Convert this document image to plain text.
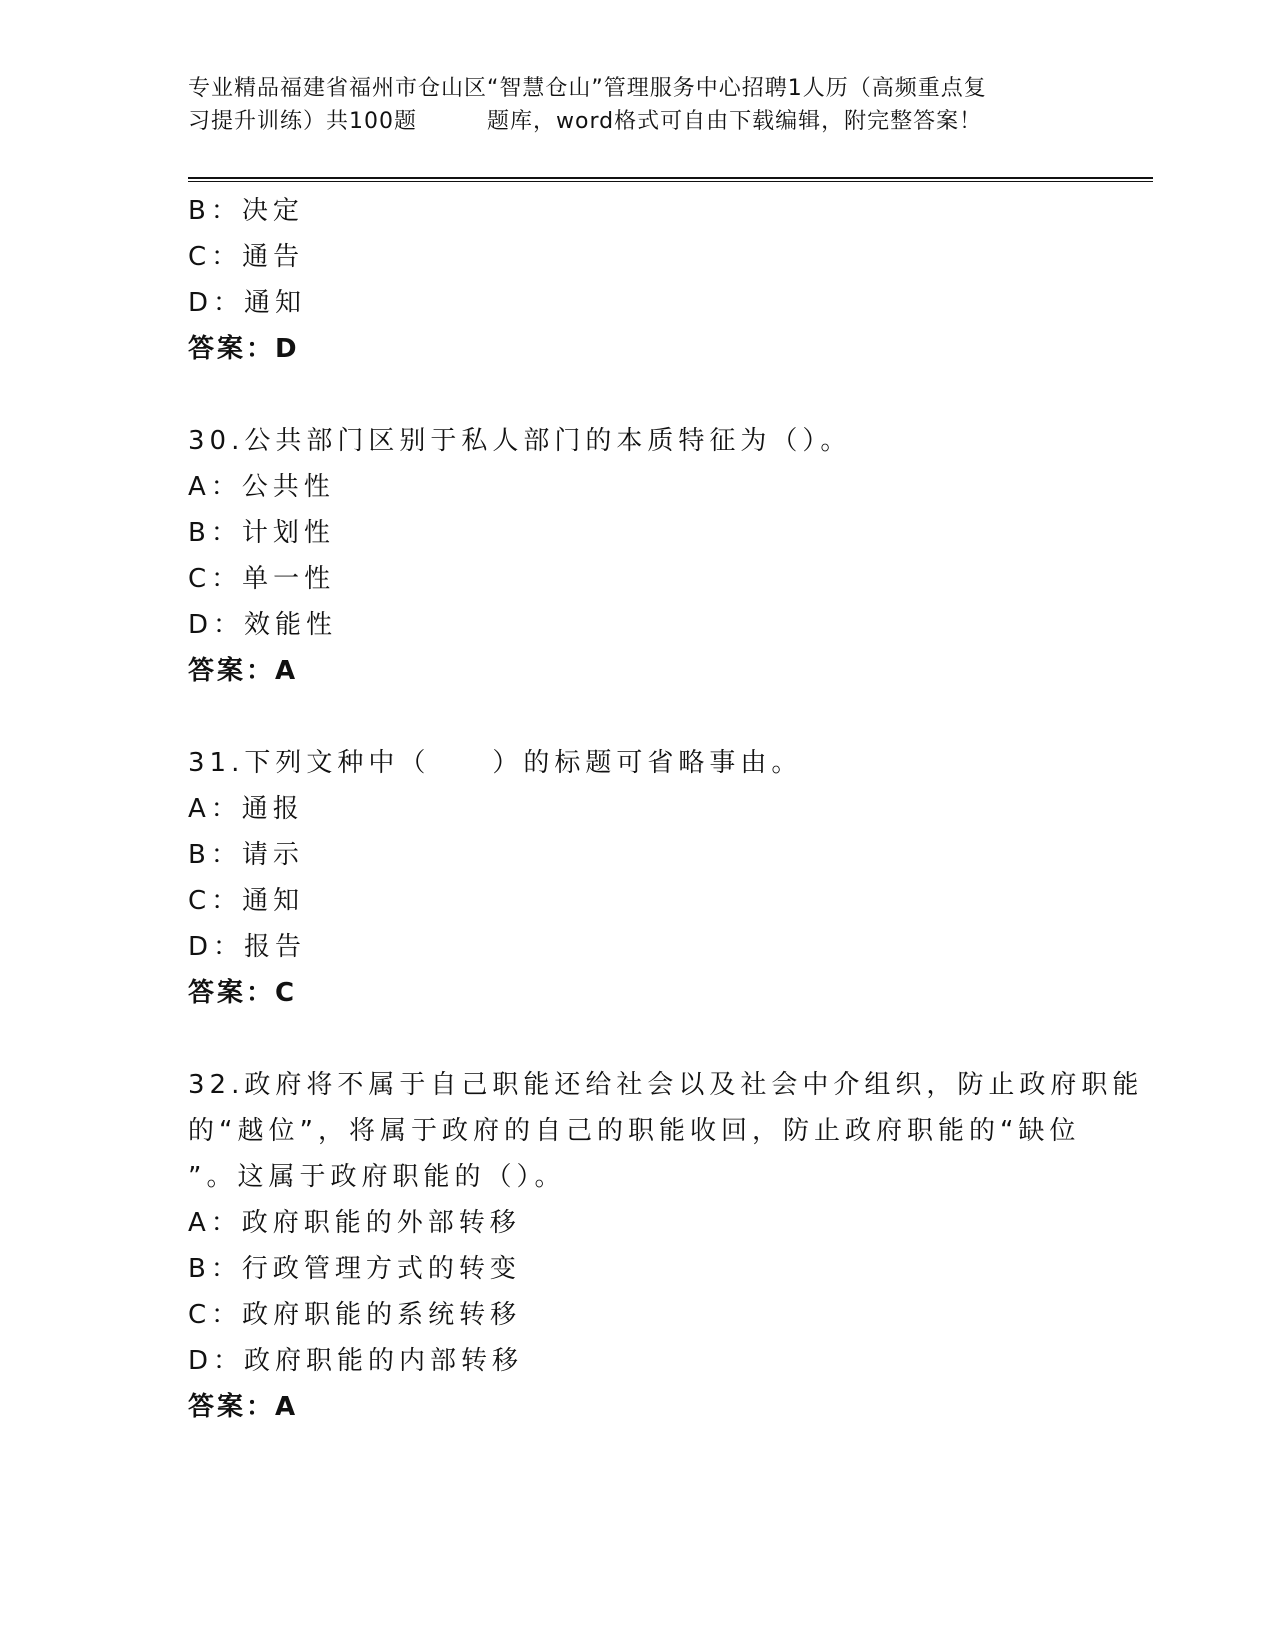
专业精品福建省福州市仓山区“智慧仓山”管理服务中心招聘1人历（高频重点复
习提升训练）共100题	题库，word格式可自由下载编辑，附完整答案！
B：决定
C：通告
D：通知
答案：D
30 . 公共部门区别于私人部门的本质特征为（）。
A：公共性
B：计划性
C：单一性
D：效能性
答案：A
31 . 下列文种中（　　）的标题可省略事由。
A：通报
B：请示
C：通知
D：报告
答案：C
32 . 政府将不属于自己职能还给社会以及社会中介组织，防止政府职能
的“越位”，将属于政府的自己的职能收回，防止政府职能的“缺位
”。这属于政府职能的（）。
A：政府职能的外部转移
B：行政管理方式的转变
C：政府职能的系统转移
D：政府职能的内部转移
答案：A
